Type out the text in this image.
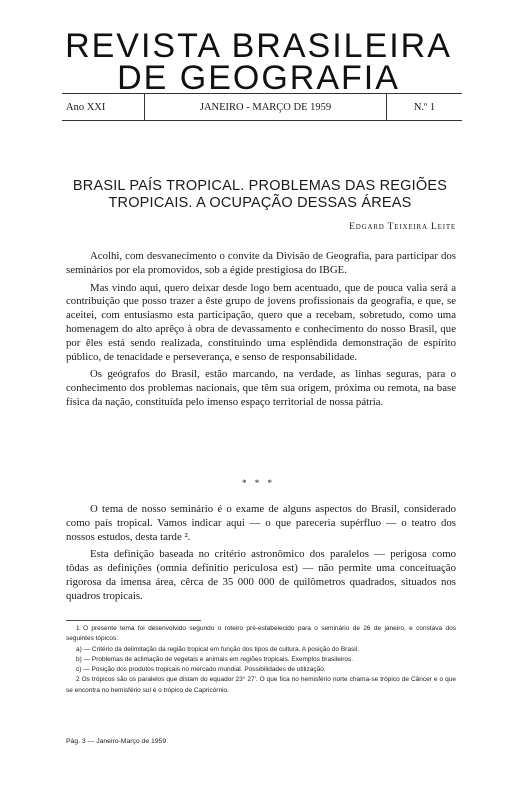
REVISTA BRASILEIRA
DE GEOGRAFIA
Ano XXI	JANEIRO - MARÇO DE 1959	N.º 1
BRASIL PAÍS TROPICAL. PROBLEMAS DAS REGIÕES
TROPICAIS. A OCUPAÇÃO DESSAS ÁREAS
Edgard Teixeira Leite

Acolhi, com desvanecimento o convite da Divisão de Geografia, para participar dos seminários por ela promovidos, sob a égide prestigiosa do IBGE.

Mas vindo aqui, quero deixar desde logo bem acentuado, que de pouca valia será a contribuição que posso trazer a êste grupo de jovens profissionais da geografia, e que, se aceitei, com entusiasmo esta participação, quero que a recebam, sobretudo, como uma homenagem do alto aprêço à obra de devassamento e conhecimento do nosso Brasil, que por êles está sendo realizada, constituindo uma esplêndida demonstração de espírito público, de tenacidade e perseverança, e senso de responsabilidade.

Os geógrafos do Brasil, estão marcando, na verdade, as linhas seguras, para o conhecimento dos problemas nacionais, que têm sua origem, próxima ou remota, na base física da nação, constituída pelo imenso espaço territorial de nossa pátria.

* * *

O tema de nosso seminário é o exame de alguns aspectos do Brasil, considerado como país tropical. Vamos indicar aqui — o que pareceria supérfluo — o teatro dos nossos estudos, desta tarde ².

Esta definição baseada no critério astronômico dos paralelos — perigosa como tôdas as definições (omnia definitio periculosa est) — não permite uma conceituação rigorosa da imensa área, cêrca de 35 000 000 de quilômetros quadrados, situados nos quadros tropicais.

1 O presente tema foi desenvolvido segundo o roteiro pré-estabelecido para o seminário de 26 de janeiro, e constava dos seguintes tópicos:

a) — Critério da delimitação da região tropical em função dos tipos de cultura. A posição do Brasil.

b) — Problemas de aclimação de vegetais e animais em regiões tropicais. Exemplos brasileiros.

c) — Posição dos produtos tropicais no mercado mundial. Possibilidades de utilização.

2 Os trópicos são os paralelos que distam do equador 23° 27'. O que fica no hemisfério norte chama-se trópico de Câncer e o que se encontra no hemisfério sul é o trópico de Capricórnio.

Pág. 3 — Janeiro-Março de 1959
